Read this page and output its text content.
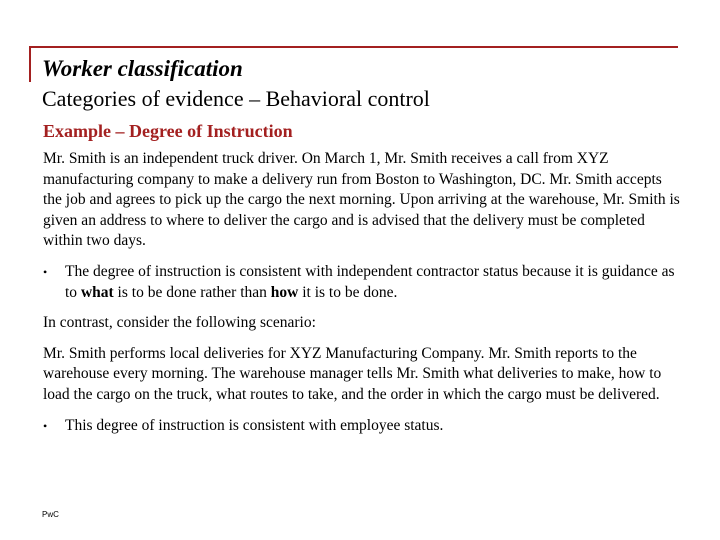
Worker classification
Categories of evidence – Behavioral control
Example – Degree of Instruction

Mr. Smith is an independent truck driver. On March 1, Mr. Smith receives a call from XYZ manufacturing company to make a delivery run from Boston to Washington, DC. Mr. Smith accepts the job and agrees to pick up the cargo the next morning. Upon arriving at the warehouse, Mr. Smith is given an address to where to deliver the cargo and is advised that the delivery must be completed within two days.

• The degree of instruction is consistent with independent contractor status because it is guidance as to what is to be done rather than how it is to be done.

In contrast, consider the following scenario:

Mr. Smith performs local deliveries for XYZ Manufacturing Company. Mr. Smith reports to the warehouse every morning. The warehouse manager tells Mr. Smith what deliveries to make, how to load the cargo on the truck, what routes to take, and the order in which the cargo must be delivered.

• This degree of instruction is consistent with employee status.
PwC
